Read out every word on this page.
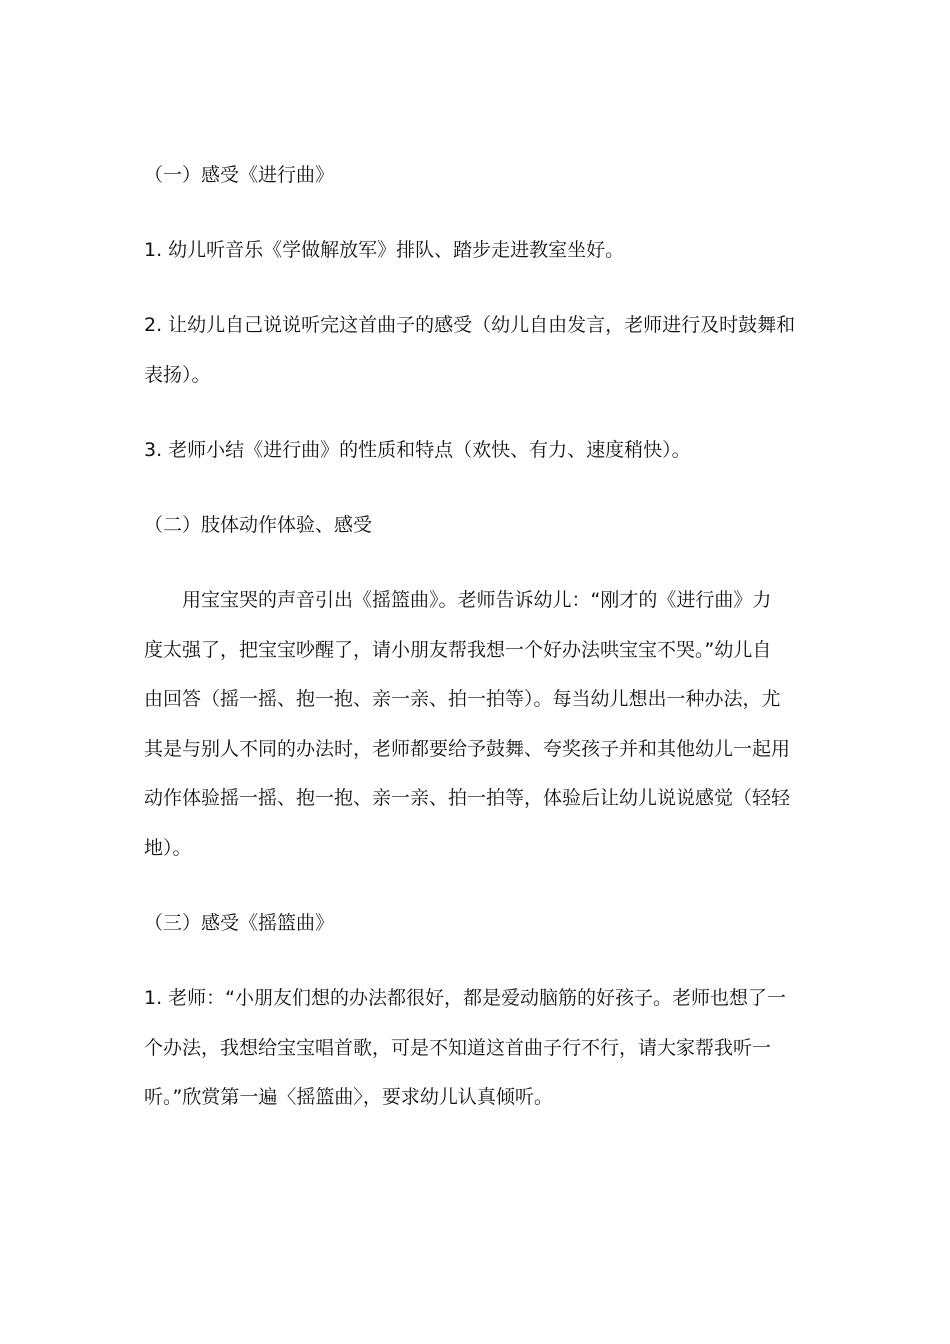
（一）感受《进行曲》
1. 幼儿听音乐《学做解放军》排队、踏步走进教室坐好。
2. 让幼儿自己说说听完这首曲子的感受（幼儿自由发言，老师进行及时鼓舞和
表扬）。
3. 老师小结《进行曲》的性质和特点（欢快、有力、速度稍快）。
（二）肢体动作体验、感受
用宝宝哭的声音引出《摇篮曲》。老师告诉幼儿：“刚才的《进行曲》力
度太强了，把宝宝吵醒了，请小朋友帮我想一个好办法哄宝宝不哭。”幼儿自
由回答（摇一摇、抱一抱、亲一亲、拍一拍等）。每当幼儿想出一种办法，尤
其是与别人不同的办法时，老师都要给予鼓舞、夸奖孩子并和其他幼儿一起用
动作体验摇一摇、抱一抱、亲一亲、拍一拍等，体验后让幼儿说说感觉（轻轻
地）。
（三）感受《摇篮曲》
1. 老师：“小朋友们想的办法都很好，都是爱动脑筋的好孩子。老师也想了一
个办法，我想给宝宝唱首歌，可是不知道这首曲子行不行，请大家帮我听一
听。”欣赏第一遍〈摇篮曲〉，要求幼儿认真倾听。
